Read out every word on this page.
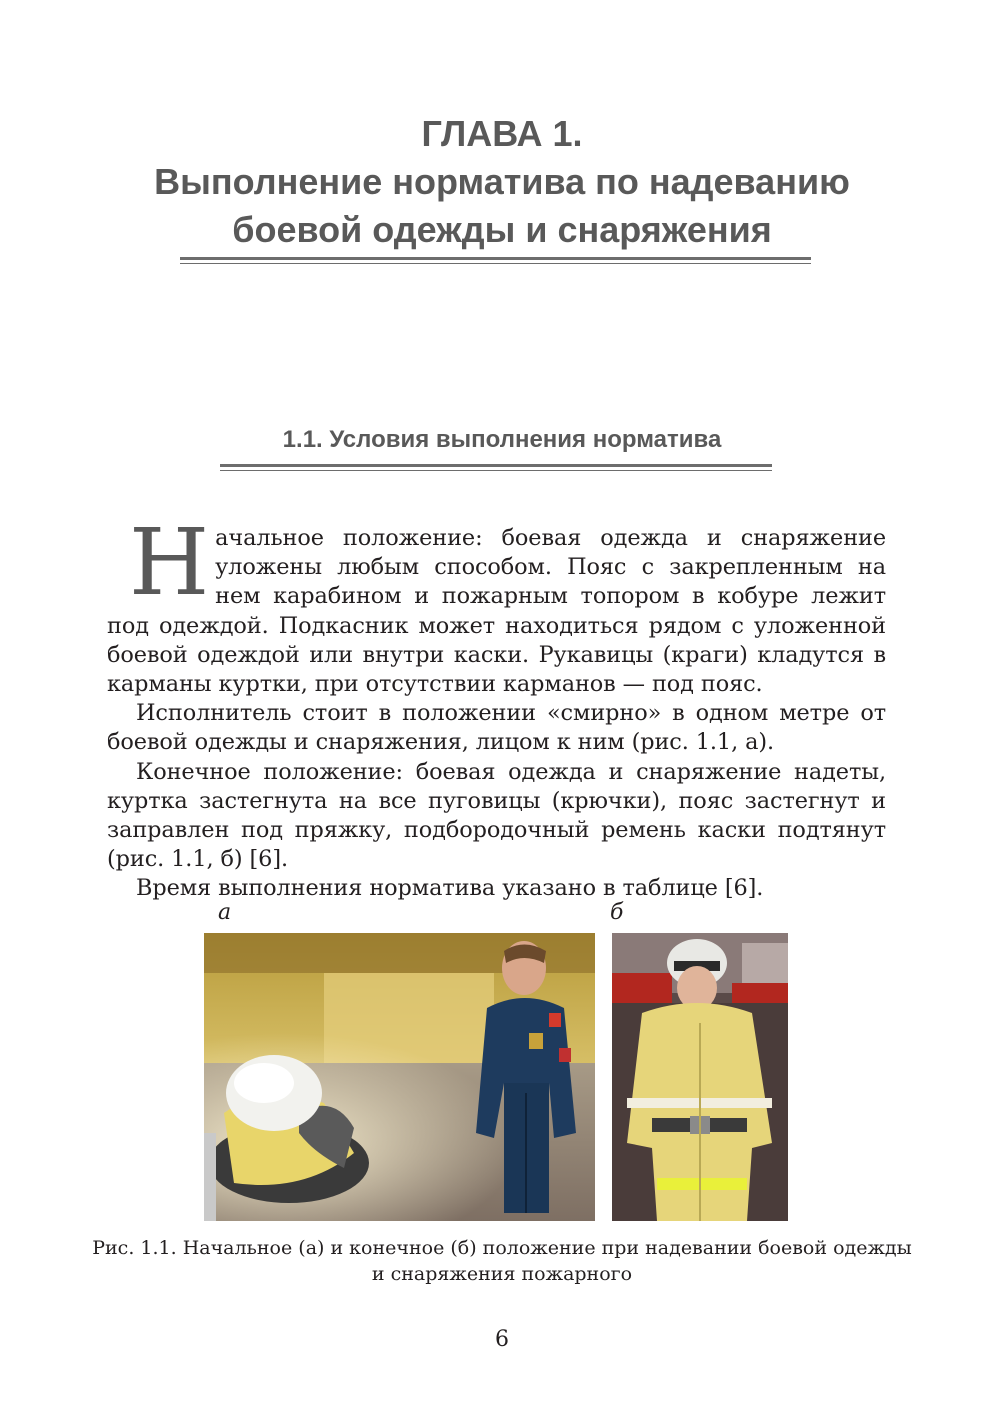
ГЛАВА 1.
Выполнение норматива по надеванию
боевой одежды и снаряжения
1.1. Условия выполнения норматива

Начальное положение: боевая одежда и снаряжение уложены любым способом. Пояс с закрепленным на нем карабином и пожарным топором в кобуре лежит под одеждой. Подкасник может находиться рядом с уложенной боевой одеждой или внутри каски. Рукавицы (краги) кладутся в карманы куртки, при отсутствии карманов — под пояс.

Исполнитель стоит в положении «смирно» в одном метре от боевой одежды и снаряжения, лицом к ним (рис. 1.1, а).

Конечное положение: боевая одежда и снаряжение надеты, куртка застегнута на все пуговицы (крючки), пояс застегнут и заправлен под пряжку, подбородочный ремень каски подтянут (рис. 1.1, б) [6].

Время выполнения норматива указано в таблице [6].

а	б
Рис. 1.1. Начальное (а) и конечное (б) положение при надевании боевой одежды
и снаряжения пожарного
6
